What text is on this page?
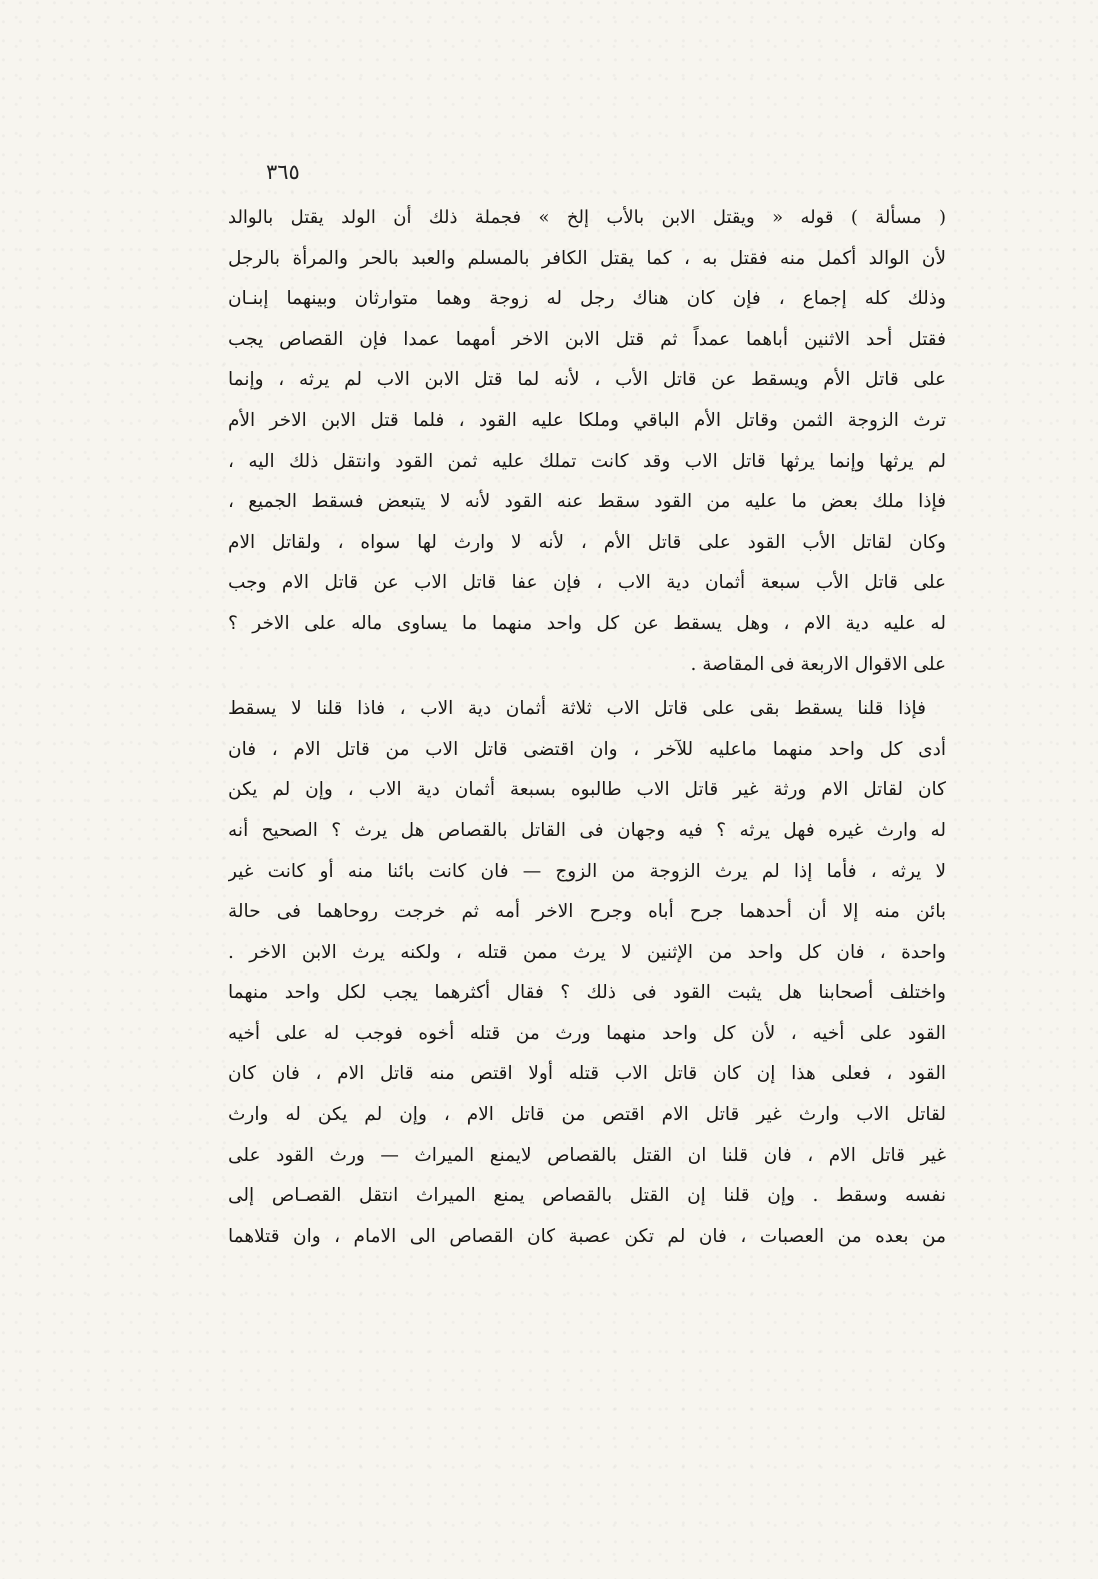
٣٦٥
( مسألة ) قوله « ويقتل الابن بالأب إلخ » فجملة ذلك أن الولد يقتل بالوالد
لأن الوالد أكمل منه فقتل به ، كما يقتل الكافر بالمسلم والعبد بالحر والمرأة بالرجل
وذلك كله إجماع ، فإن كان هناك رجل له زوجة وهما متوارثان وبينهما إبنـان
فقتل أحد الاثنين أباهما عمداً ثم قتل الابن الاخر أمهما عمدا فإن القصاص يجب
على قاتل الأم ويسقط عن قاتل الأب ، لأنه لما قتل الابن الاب لم يرثه ، وإنما
ترث الزوجة الثمن وقاتل الأم الباقي وملكا عليه القود ، فلما قتل الابن الاخر الأم
لم يرثها وإنما يرثها قاتل الاب وقد كانت تملك عليه ثمن القود وانتقل ذلك اليه ،
فإذا ملك بعض ما عليه من القود سقط عنه القود لأنه لا يتبعض فسقط الجميع ،
وكان لقاتل الأب القود على قاتل الأم ، لأنه لا وارث لها سواه ، ولقاتل الام
على قاتل الأب سبعة أثمان دية الاب ، فإن عفا قاتل الاب عن قاتل الام وجب
له عليه دية الام ، وهل يسقط عن كل واحد منهما ما يساوى ماله على الاخر ؟
على الاقوال الاربعة فى المقاصة .
فإذا قلنا يسقط بقى على قاتل الاب ثلاثة أثمان دية الاب ، فاذا قلنا لا يسقط
أدى كل واحد منهما ماعليه للآخر ، وان اقتضى قاتل الاب من قاتل الام ، فان
كان لقاتل الام ورثة غير قاتل الاب طالبوه بسبعة أثمان دية الاب ، وإن لم يكن
له وارث غيره فهل يرثه ؟ فيه وجهان فى القاتل بالقصاص هل يرث ؟ الصحيح أنه
لا يرثه ، فأما إذا لم يرث الزوجة من الزوج — فان كانت بائنا منه أو كانت غير
بائن منه إلا أن أحدهما جرح أباه وجرح الاخر أمه ثم خرجت روحاهما فى حالة
واحدة ، فان كل واحد من الإثنين لا يرث ممن قتله ، ولكنه يرث الابن الاخر .
واختلف أصحابنا هل يثبت القود فى ذلك ؟ فقال أكثرهما يجب لكل واحد منهما
القود على أخيه ، لأن كل واحد منهما ورث من قتله أخوه فوجب له على أخيه
القود ، فعلى هذا إن كان قاتل الاب قتله أولا اقتص منه قاتل الام ، فان كان
لقاتل الاب وارث غير قاتل الام اقتص من قاتل الام ، وإن لم يكن له وارث
غير قاتل الام ، فان قلنا ان القتل بالقصاص لايمنع الميراث — ورث القود على
نفسه وسقط . وإن قلنا إن القتل بالقصاص يمنع الميراث انتقل القصـاص إلى
من بعده من العصبات ، فان لم تكن عصبة كان القصاص الى الامام ، وان قتلاهما
